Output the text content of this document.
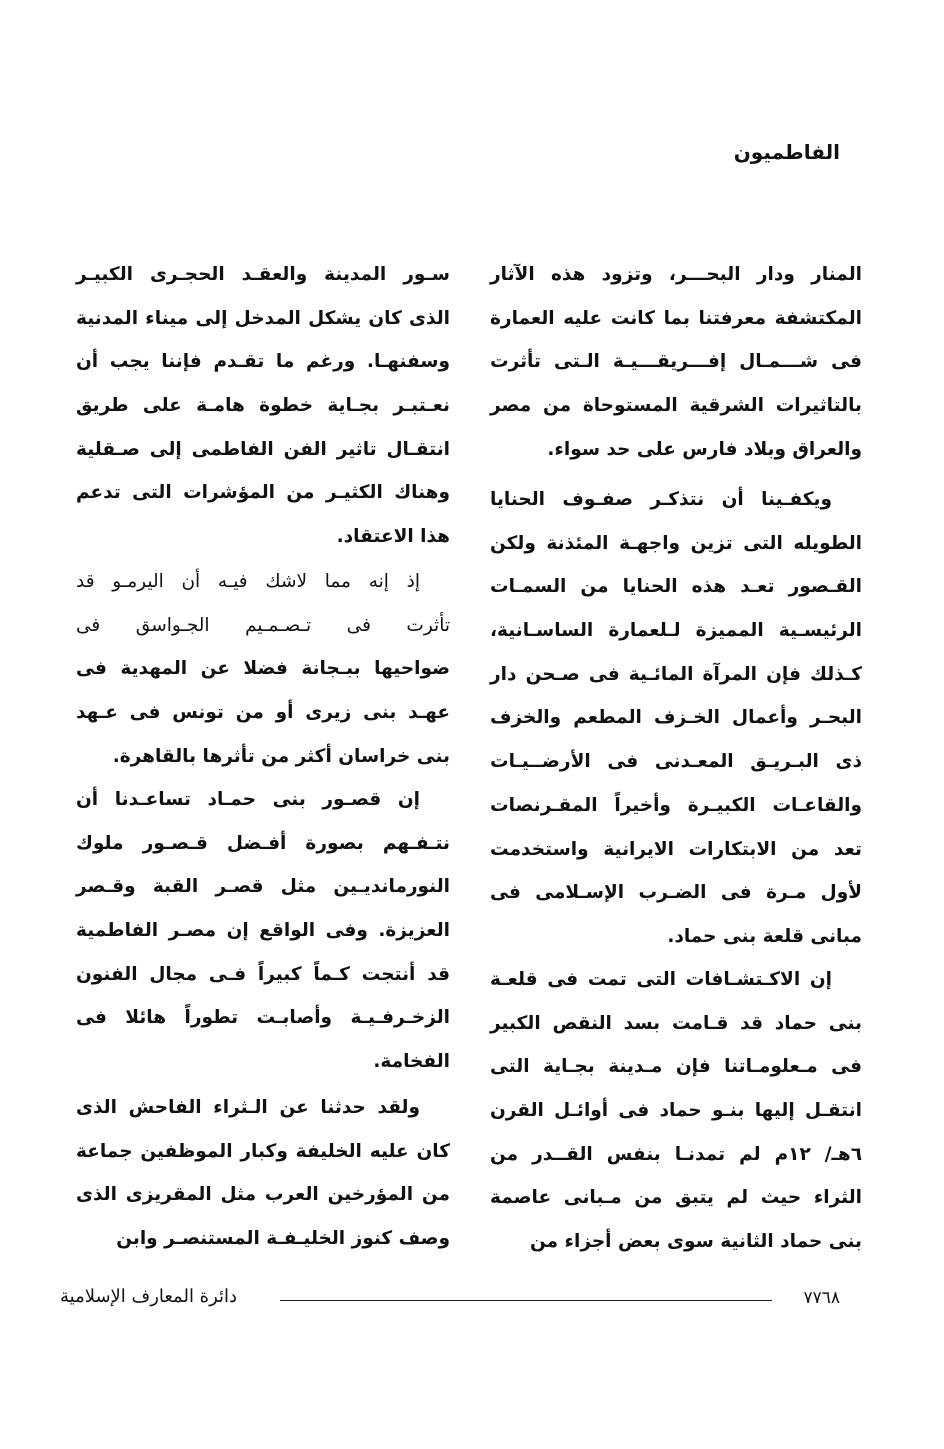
الفاطميون
المنار ودار البحـــر، وتزود هذه الآثار
المكتشفة معرفتنا بما كانت عليه العمارة
فى شـــمـال إفـــريقـــيـة الـتى تأثرت
بالتاثيرات الشرقية المستوحاة من مصر
والعراق وبلاد فارس على حد سواء.
ويكفـينا أن نتذكـر صفـوف الحنايا
الطويله التى تزين واجهـة المئذنة ولكن
القـصور تعـد هذه الحنايا من السمـات
الرئيسـية المميزة لـلعمارة الساسـانية،
كـذلك فإن المرآة المائـية فى صـحن دار
البحـر وأعمال الخـزف المطعم والخزف
ذى البـريـق المعـدنى فى الأرضــيـات
والقاعـات الكبيـرة وأخيراً المقـرنصات
تعد من الابتكارات الايرانية واستخدمت
لأول مـرة فى الضـرب الإسـلامى فى
مبانى قلعة بنى حماد.
إن الاكـتشـافات التى تمت فى قلعـة
بنى حماد قد قـامت بسد النقص الكبير
فى مـعلومـاتنا فإن مـدينة بجـاية التى
انتقـل إليها بنـو حماد فى أوائـل القرن
٦هـ/ ١٢م لم تمدنـا بنفس القــدر من
الثراء حيث لم يتبق من مـبانى عاصمة
بنى حماد الثانية سوى بعض أجزاء من
سـور المدينة والعقـد الحجـرى الكبيـر
الذى كان يشكل المدخل إلى ميناء المدنية
وسفنهـا. ورغم ما تقـدم فإننا يجب أن
نعـتبـر بجـاية خطوة هامـة على طريق
انتقـال تاثير الفن الفاطمى إلى صـقلية
وهناك الكثيـر من المؤشرات التى تدعم
هذا الاعتقاد.
إذ إنه مما لاشك فيـه أن اليرمـو قد
تأثرت فى تـصـمـيم الجـواسق فى
ضواحيها ببـجانة فضلا عن المهدية فى
عهـد بنى زيرى أو من تونس فى عـهد
بنى خراسان أكثر من تأثرها بالقاهرة.
إن قصـور بنى حمـاد تساعـدنا أن
نتـفـهم بصورة أفـضل قـصـور ملوك
النورمانديـين مثل قصـر القبة وقـصر
العزيزة. وفى الواقع إن مصـر الفاطمية
قد أنتجت كـماً كبيراً فـى مجال الفنون
الزخـرفـيـة وأصابـت تطوراً هائلا فى
الفخامة.
ولقد حدثنا عن الـثراء الفاحش الذى
كان عليه الخليفة وكبار الموظفين جماعة
من المؤرخين العرب مثل المقريزى الذى
وصف كنوز الخليـفـة المستنصـر وابن
٧٧٦٨
دائرة المعارف الإسلامية
